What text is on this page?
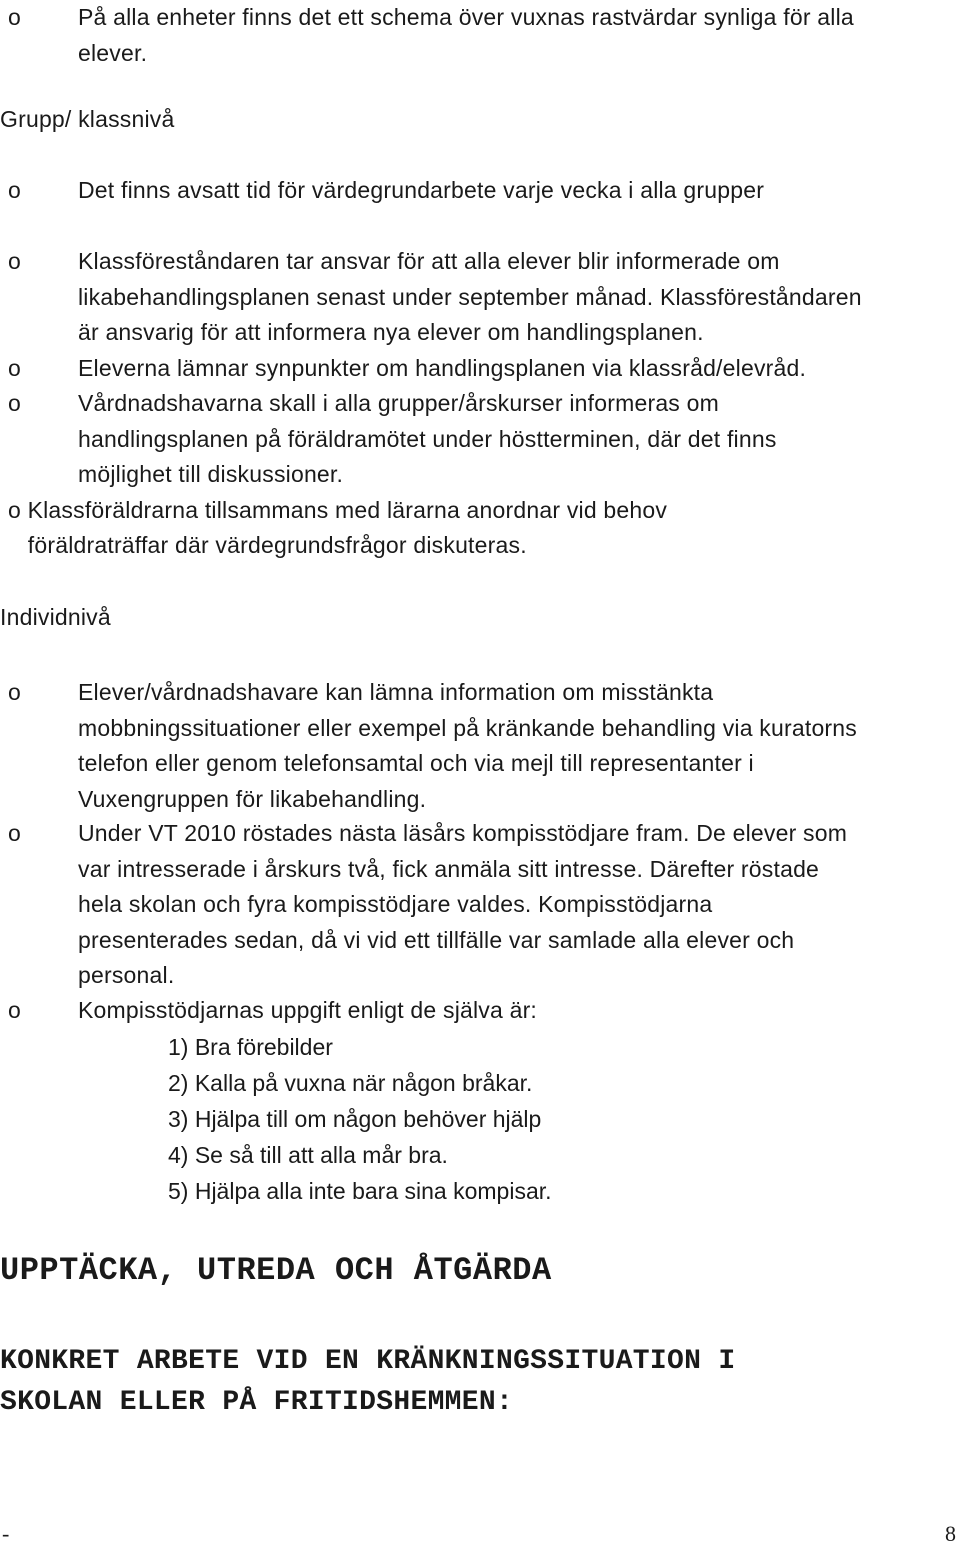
o På alla enheter finns det ett schema över vuxnas rastvärdar synliga för alla
elever.
Grupp/ klassnivå
o Det finns avsatt tid för värdegrundarbete varje vecka i alla grupper
o Klassföreståndaren tar ansvar för att alla elever blir informerade om
likabehandlingsplanen senast under september månad. Klassföreståndaren
är ansvarig för att informera nya elever om handlingsplanen.
o Eleverna lämnar synpunkter om handlingsplanen via klassråd/elevråd.
o Vårdnadshavarna skall i alla grupper/årskurser informeras om
handlingsplanen på föräldramötet under höstterminen, där det finns
möjlighet till diskussioner.
o Klassföräldrarna tillsammans med lärarna anordnar vid behov
föräldraträffar där värdegrundsfrågor diskuteras.
Individnivå
o Elever/vårdnadshavare kan lämna information om misstänkta
mobbningssituationer eller exempel på kränkande behandling via kuratorns
telefon eller genom telefonsamtal och via mejl till representanter i
Vuxengruppen för likabehandling.
o Under VT 2010 röstades nästa läsårs kompisstödjare fram. De elever som
var intresserade i årskurs två, fick anmäla sitt intresse. Därefter röstade
hela skolan och fyra kompisstödjare valdes. Kompisstödjarna
presenterades sedan, då vi vid ett tillfälle var samlade alla elever och
personal.
o Kompisstödjarnas uppgift enligt de själva är:
1) Bra förebilder
2) Kalla på vuxna när någon bråkar.
3) Hjälpa till om någon behöver hjälp
4) Se så till att alla mår bra.
5) Hjälpa alla inte bara sina kompisar.
UPPTÄCKA, UTREDA OCH ÅTGÄRDA
KONKRET ARBETE VID EN KRÄNKNINGSSITUATION I
SKOLAN ELLER PÅ FRITIDSHEMMEN:
-	8
